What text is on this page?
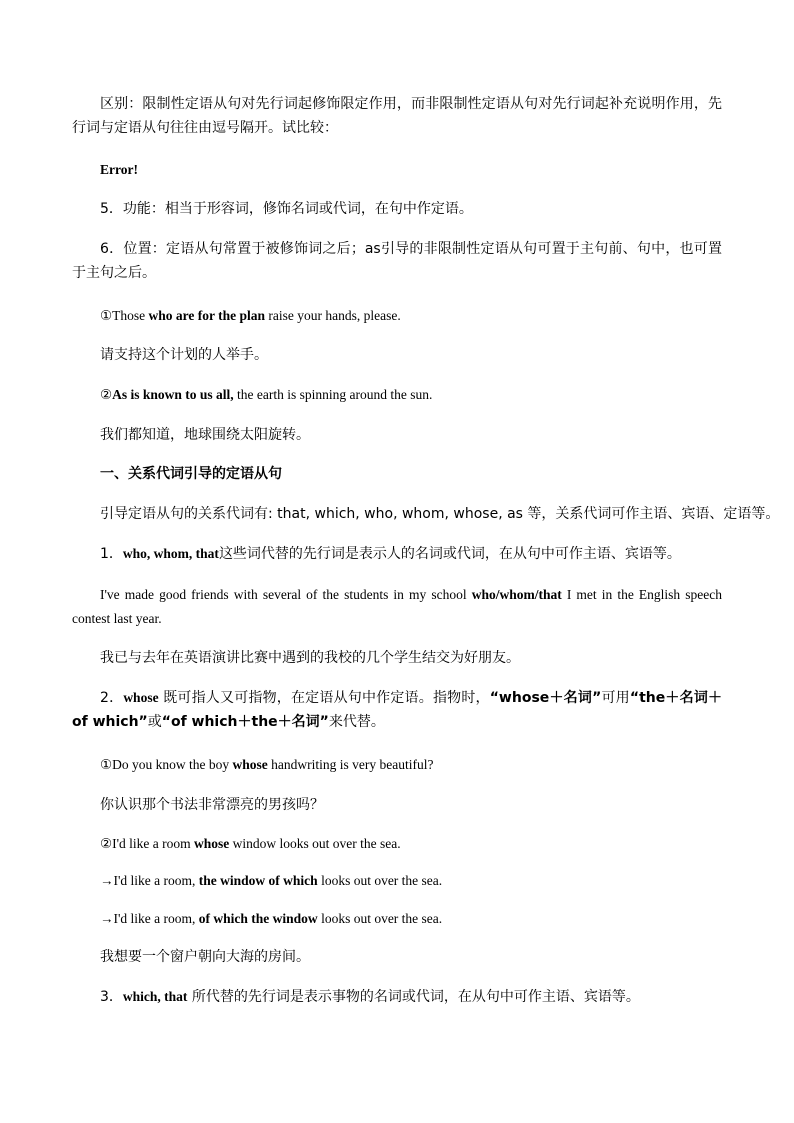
区别：限制性定语从句对先行词起修饰限定作用，而非限制性定语从句对先行词起补充说明作用，先行词与定语从句往往由逗号隔开。试比较：
Error!
5．功能：相当于形容词，修饰名词或代词，在句中作定语。
6．位置：定语从句常置于被修饰词之后；as引导的非限制性定语从句可置于主句前、句中，也可置于主句之后。
①Those who are for the plan raise your hands, please.
请支持这个计划的人举手。
②As is known to us all, the earth is spinning around the sun.
我们都知道，地球围绕太阳旋转。
一、关系代词引导的定语从句
引导定语从句的关系代词有: that, which, who, whom, whose, as 等，关系代词可作主语、宾语、定语等。
1．who, whom, that这些词代替的先行词是表示人的名词或代词，在从句中可作主语、宾语等。
I've made good friends with several of the students in my school who/whom/that I met in the English speech contest last year.
我已与去年在英语演讲比赛中遇到的我校的几个学生结交为好朋友。
2．whose 既可指人又可指物，在定语从句中作定语。指物时，“whose＋名词”可用“the＋名词＋of which”或“of which＋the＋名词”来代替。
①Do you know the boy whose handwriting is very beautiful?
你认识那个书法非常漂亮的男孩吗？
②I'd like a room whose window looks out over the sea.
→I'd like a room, the window of which looks out over the sea.
→I'd like a room, of which the window looks out over the sea.
我想要一个窗户朝向大海的房间。
3．which, that 所代替的先行词是表示事物的名词或代词，在从句中可作主语、宾语等。
